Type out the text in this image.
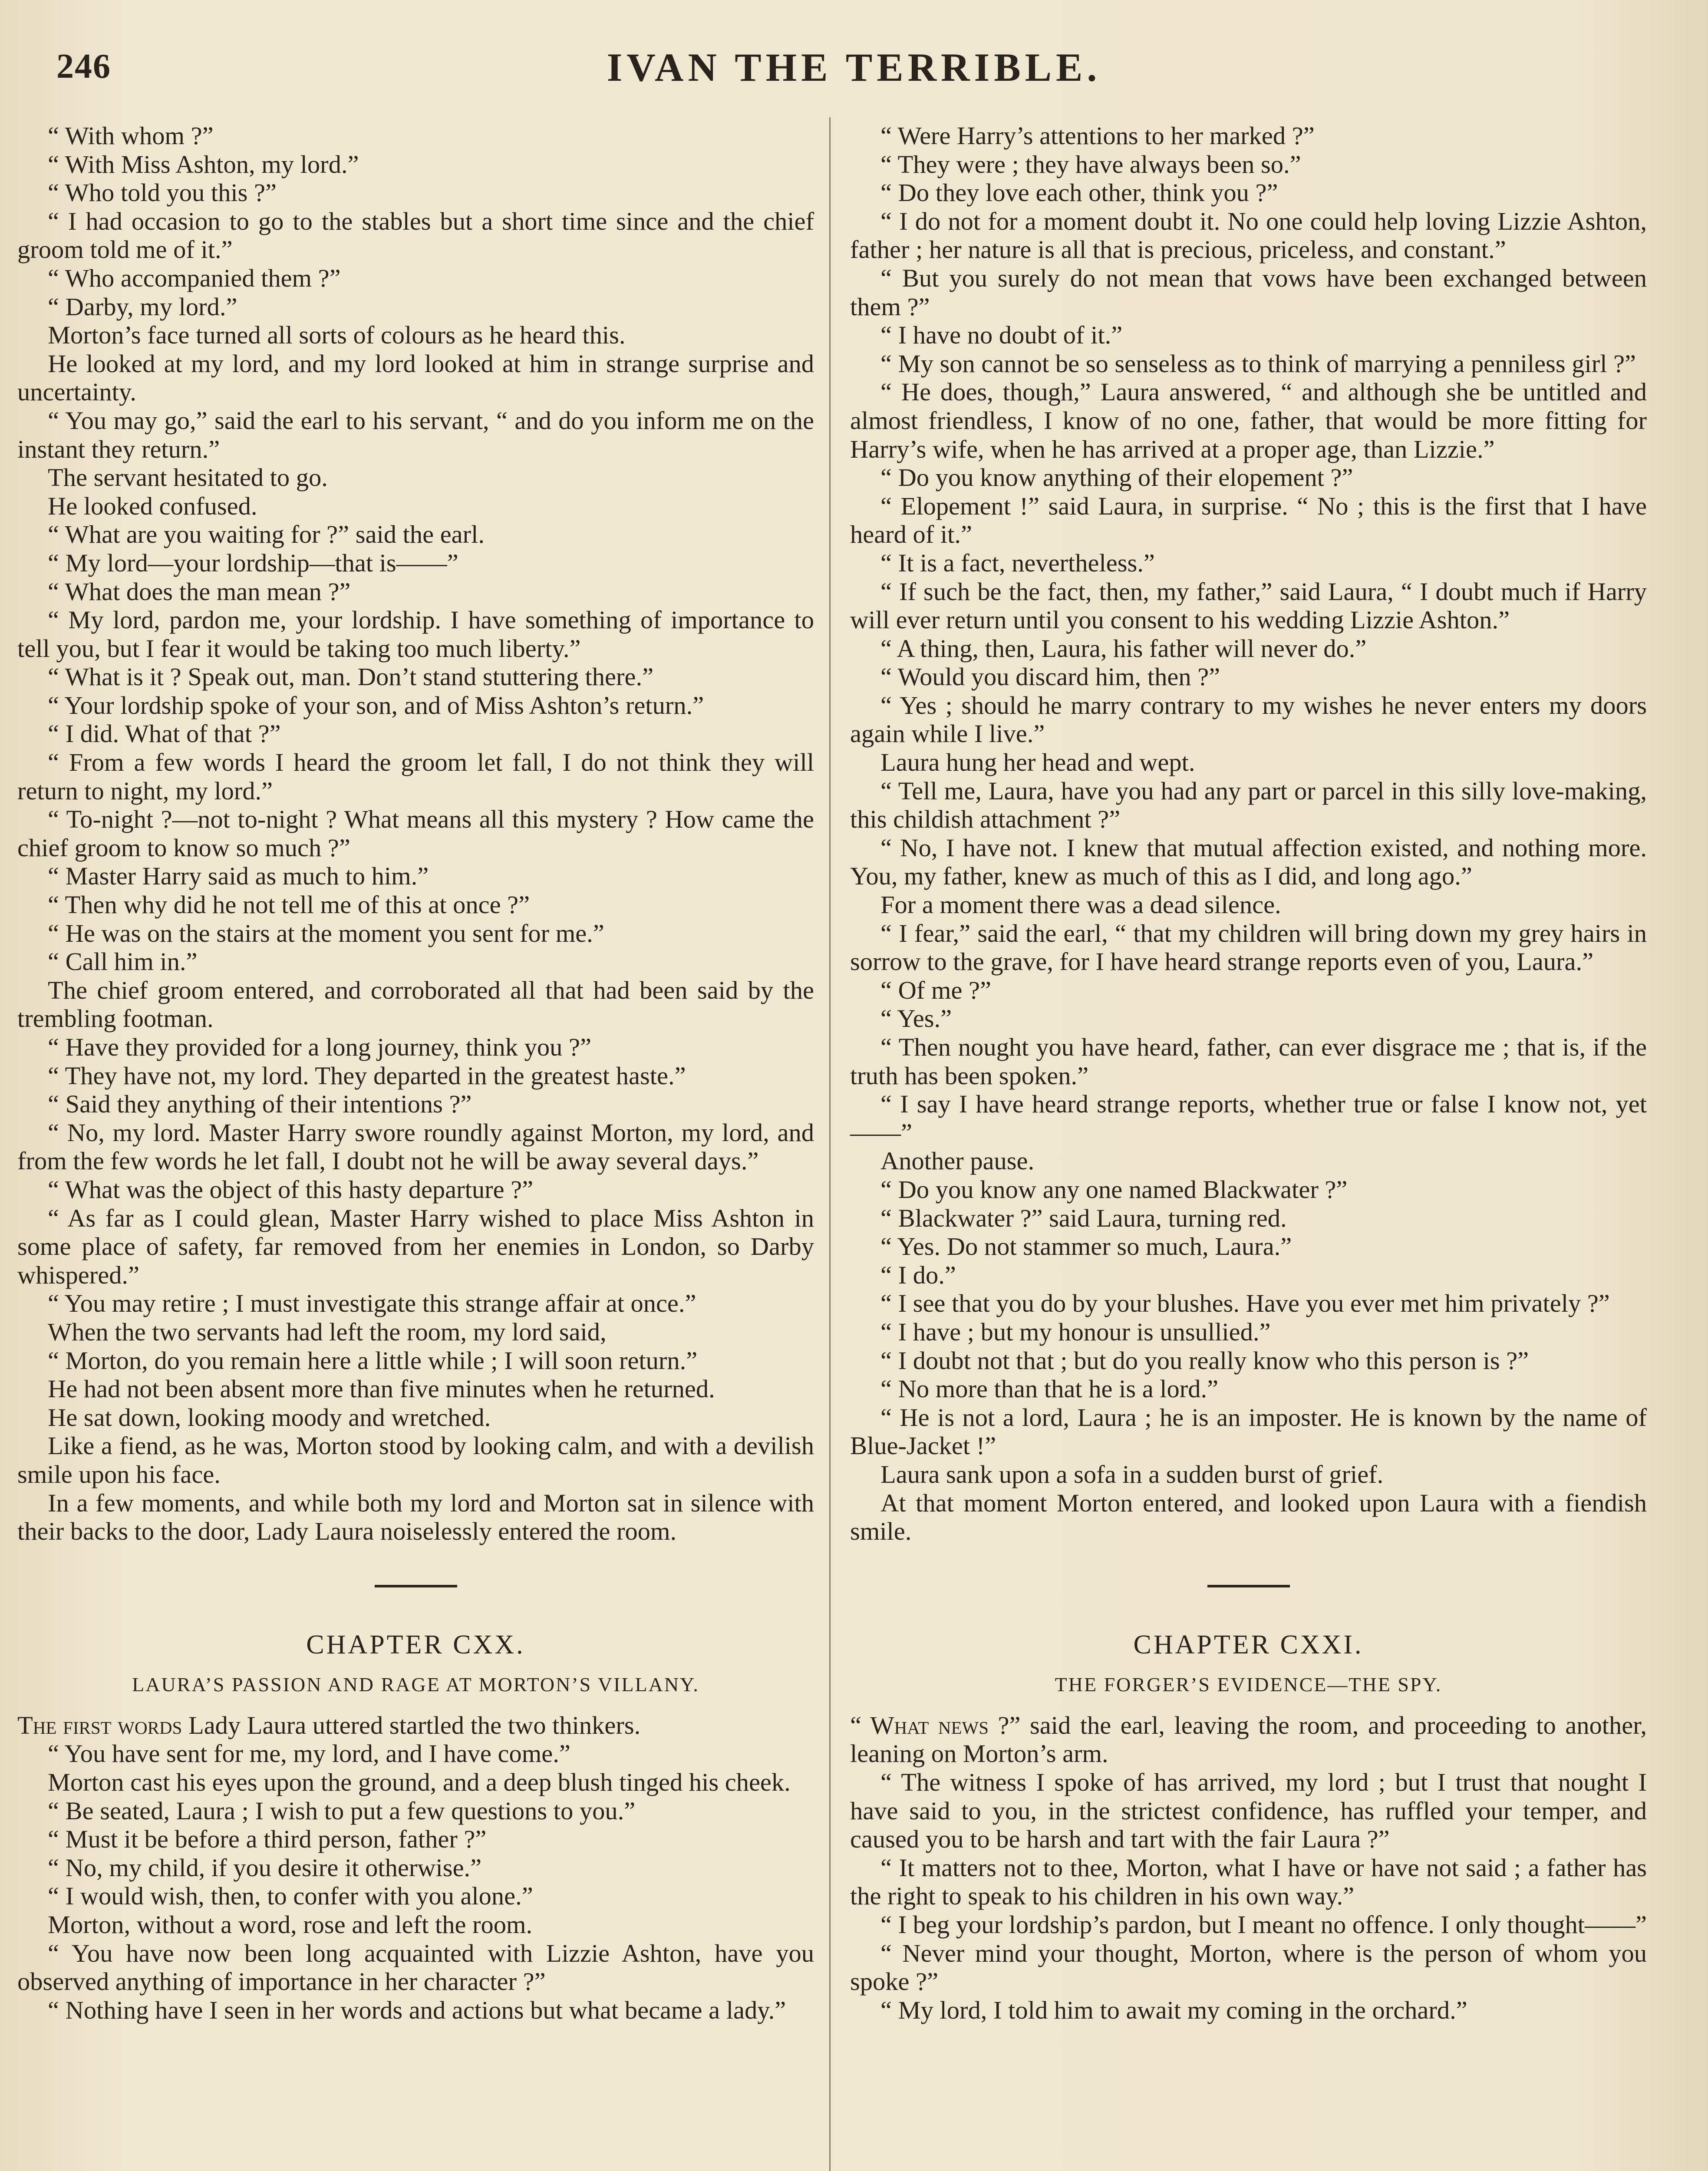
246	IVAN THE TERRIBLE.

“ With whom ?”

“ With Miss Ashton, my lord.”

“ Who told you this ?”

“ I had occasion to go to the stables but a short time since and the chief groom told me of it.”

“ Who accompanied them ?”

“ Darby, my lord.”

Morton’s face turned all sorts of colours as he heard this.

He looked at my lord, and my lord looked at him in strange surprise and uncertainty.

“ You may go,” said the earl to his servant, “ and do you inform me on the instant they return.”

The servant hesitated to go.

He looked confused.

“ What are you waiting for ?” said the earl.

“ My lord—your lordship—that is——”

“ What does the man mean ?”

“ My lord, pardon me, your lordship. I have something of importance to tell you, but I fear it would be taking too much liberty.”

“ What is it ? Speak out, man. Don’t stand stuttering there.”

“ Your lordship spoke of your son, and of Miss Ashton’s return.”

“ I did. What of that ?”

“ From a few words I heard the groom let fall, I do not think they will return to night, my lord.”

“ To-night ?—not to-night ? What means all this mystery ? How came the chief groom to know so much ?”

“ Master Harry said as much to him.”

“ Then why did he not tell me of this at once ?”

“ He was on the stairs at the moment you sent for me.”

“ Call him in.”

The chief groom entered, and corroborated all that had been said by the trembling footman.

“ Have they provided for a long journey, think you ?”

“ They have not, my lord. They departed in the greatest haste.”

“ Said they anything of their intentions ?”

“ No, my lord. Master Harry swore roundly against Morton, my lord, and from the few words he let fall, I doubt not he will be away several days.”

“ What was the object of this hasty departure ?”

“ As far as I could glean, Master Harry wished to place Miss Ashton in some place of safety, far removed from her enemies in London, so Darby whispered.”

“ You may retire ; I must investigate this strange affair at once.”

When the two servants had left the room, my lord said,

“ Morton, do you remain here a little while ; I will soon return.”

He had not been absent more than five minutes when he returned.

He sat down, looking moody and wretched.

Like a fiend, as he was, Morton stood by looking calm, and with a devilish smile upon his face.

In a few moments, and while both my lord and Morton sat in silence with their backs to the door, Lady Laura noiselessly entered the room.

CHAPTER CXX.
LAURA’S PASSION AND RAGE AT MORTON’S VILLANY.

The first words Lady Laura uttered startled the two thinkers.

“ You have sent for me, my lord, and I have come.”

Morton cast his eyes upon the ground, and a deep blush tinged his cheek.

“ Be seated, Laura ; I wish to put a few questions to you.”

“ Must it be before a third person, father ?”

“ No, my child, if you desire it otherwise.”

“ I would wish, then, to confer with you alone.”

Morton, without a word, rose and left the room.

“ You have now been long acquainted with Lizzie Ashton, have you observed anything of importance in her character ?”

“ Nothing have I seen in her words and actions but what became a lady.”

“ Were Harry’s attentions to her marked ?”

“ They were ; they have always been so.”

“ Do they love each other, think you ?”

“ I do not for a moment doubt it. No one could help loving Lizzie Ashton, father ; her nature is all that is precious, priceless, and constant.”

“ But you surely do not mean that vows have been exchanged between them ?”

“ I have no doubt of it.”

“ My son cannot be so senseless as to think of marrying a penniless girl ?”

“ He does, though,” Laura answered, “ and although she be untitled and almost friendless, I know of no one, father, that would be more fitting for Harry’s wife, when he has arrived at a proper age, than Lizzie.”

“ Do you know anything of their elopement ?”

“ Elopement !” said Laura, in surprise. “ No ; this is the first that I have heard of it.”

“ It is a fact, nevertheless.”

“ If such be the fact, then, my father,” said Laura, “ I doubt much if Harry will ever return until you consent to his wedding Lizzie Ashton.”

“ A thing, then, Laura, his father will never do.”

“ Would you discard him, then ?”

“ Yes ; should he marry contrary to my wishes he never enters my doors again while I live.”

Laura hung her head and wept.

“ Tell me, Laura, have you had any part or parcel in this silly love-making, this childish attachment ?”

“ No, I have not. I knew that mutual affection existed, and nothing more. You, my father, knew as much of this as I did, and long ago.”

For a moment there was a dead silence.

“ I fear,” said the earl, “ that my children will bring down my grey hairs in sorrow to the grave, for I have heard strange reports even of you, Laura.”

“ Of me ?”

“ Yes.”

“ Then nought you have heard, father, can ever disgrace me ; that is, if the truth has been spoken.”

“ I say I have heard strange reports, whether true or false I know not, yet——”

Another pause.

“ Do you know any one named Blackwater ?”

“ Blackwater ?” said Laura, turning red.

“ Yes. Do not stammer so much, Laura.”

“ I do.”

“ I see that you do by your blushes. Have you ever met him privately ?”

“ I have ; but my honour is unsullied.”

“ I doubt not that ; but do you really know who this person is ?”

“ No more than that he is a lord.”

“ He is not a lord, Laura ; he is an imposter. He is known by the name of Blue-Jacket !”

Laura sank upon a sofa in a sudden burst of grief.

At that moment Morton entered, and looked upon Laura with a fiendish smile.

CHAPTER CXXI.
THE FORGER’S EVIDENCE—THE SPY.

“ What news ?” said the earl, leaving the room, and proceeding to another, leaning on Morton’s arm.

“ The witness I spoke of has arrived, my lord ; but I trust that nought I have said to you, in the strictest confidence, has ruffled your temper, and caused you to be harsh and tart with the fair Laura ?”

“ It matters not to thee, Morton, what I have or have not said ; a father has the right to speak to his children in his own way.”

“ I beg your lordship’s pardon, but I meant no offence. I only thought——”

“ Never mind your thought, Morton, where is the person of whom you spoke ?”

“ My lord, I told him to await my coming in the orchard.”
